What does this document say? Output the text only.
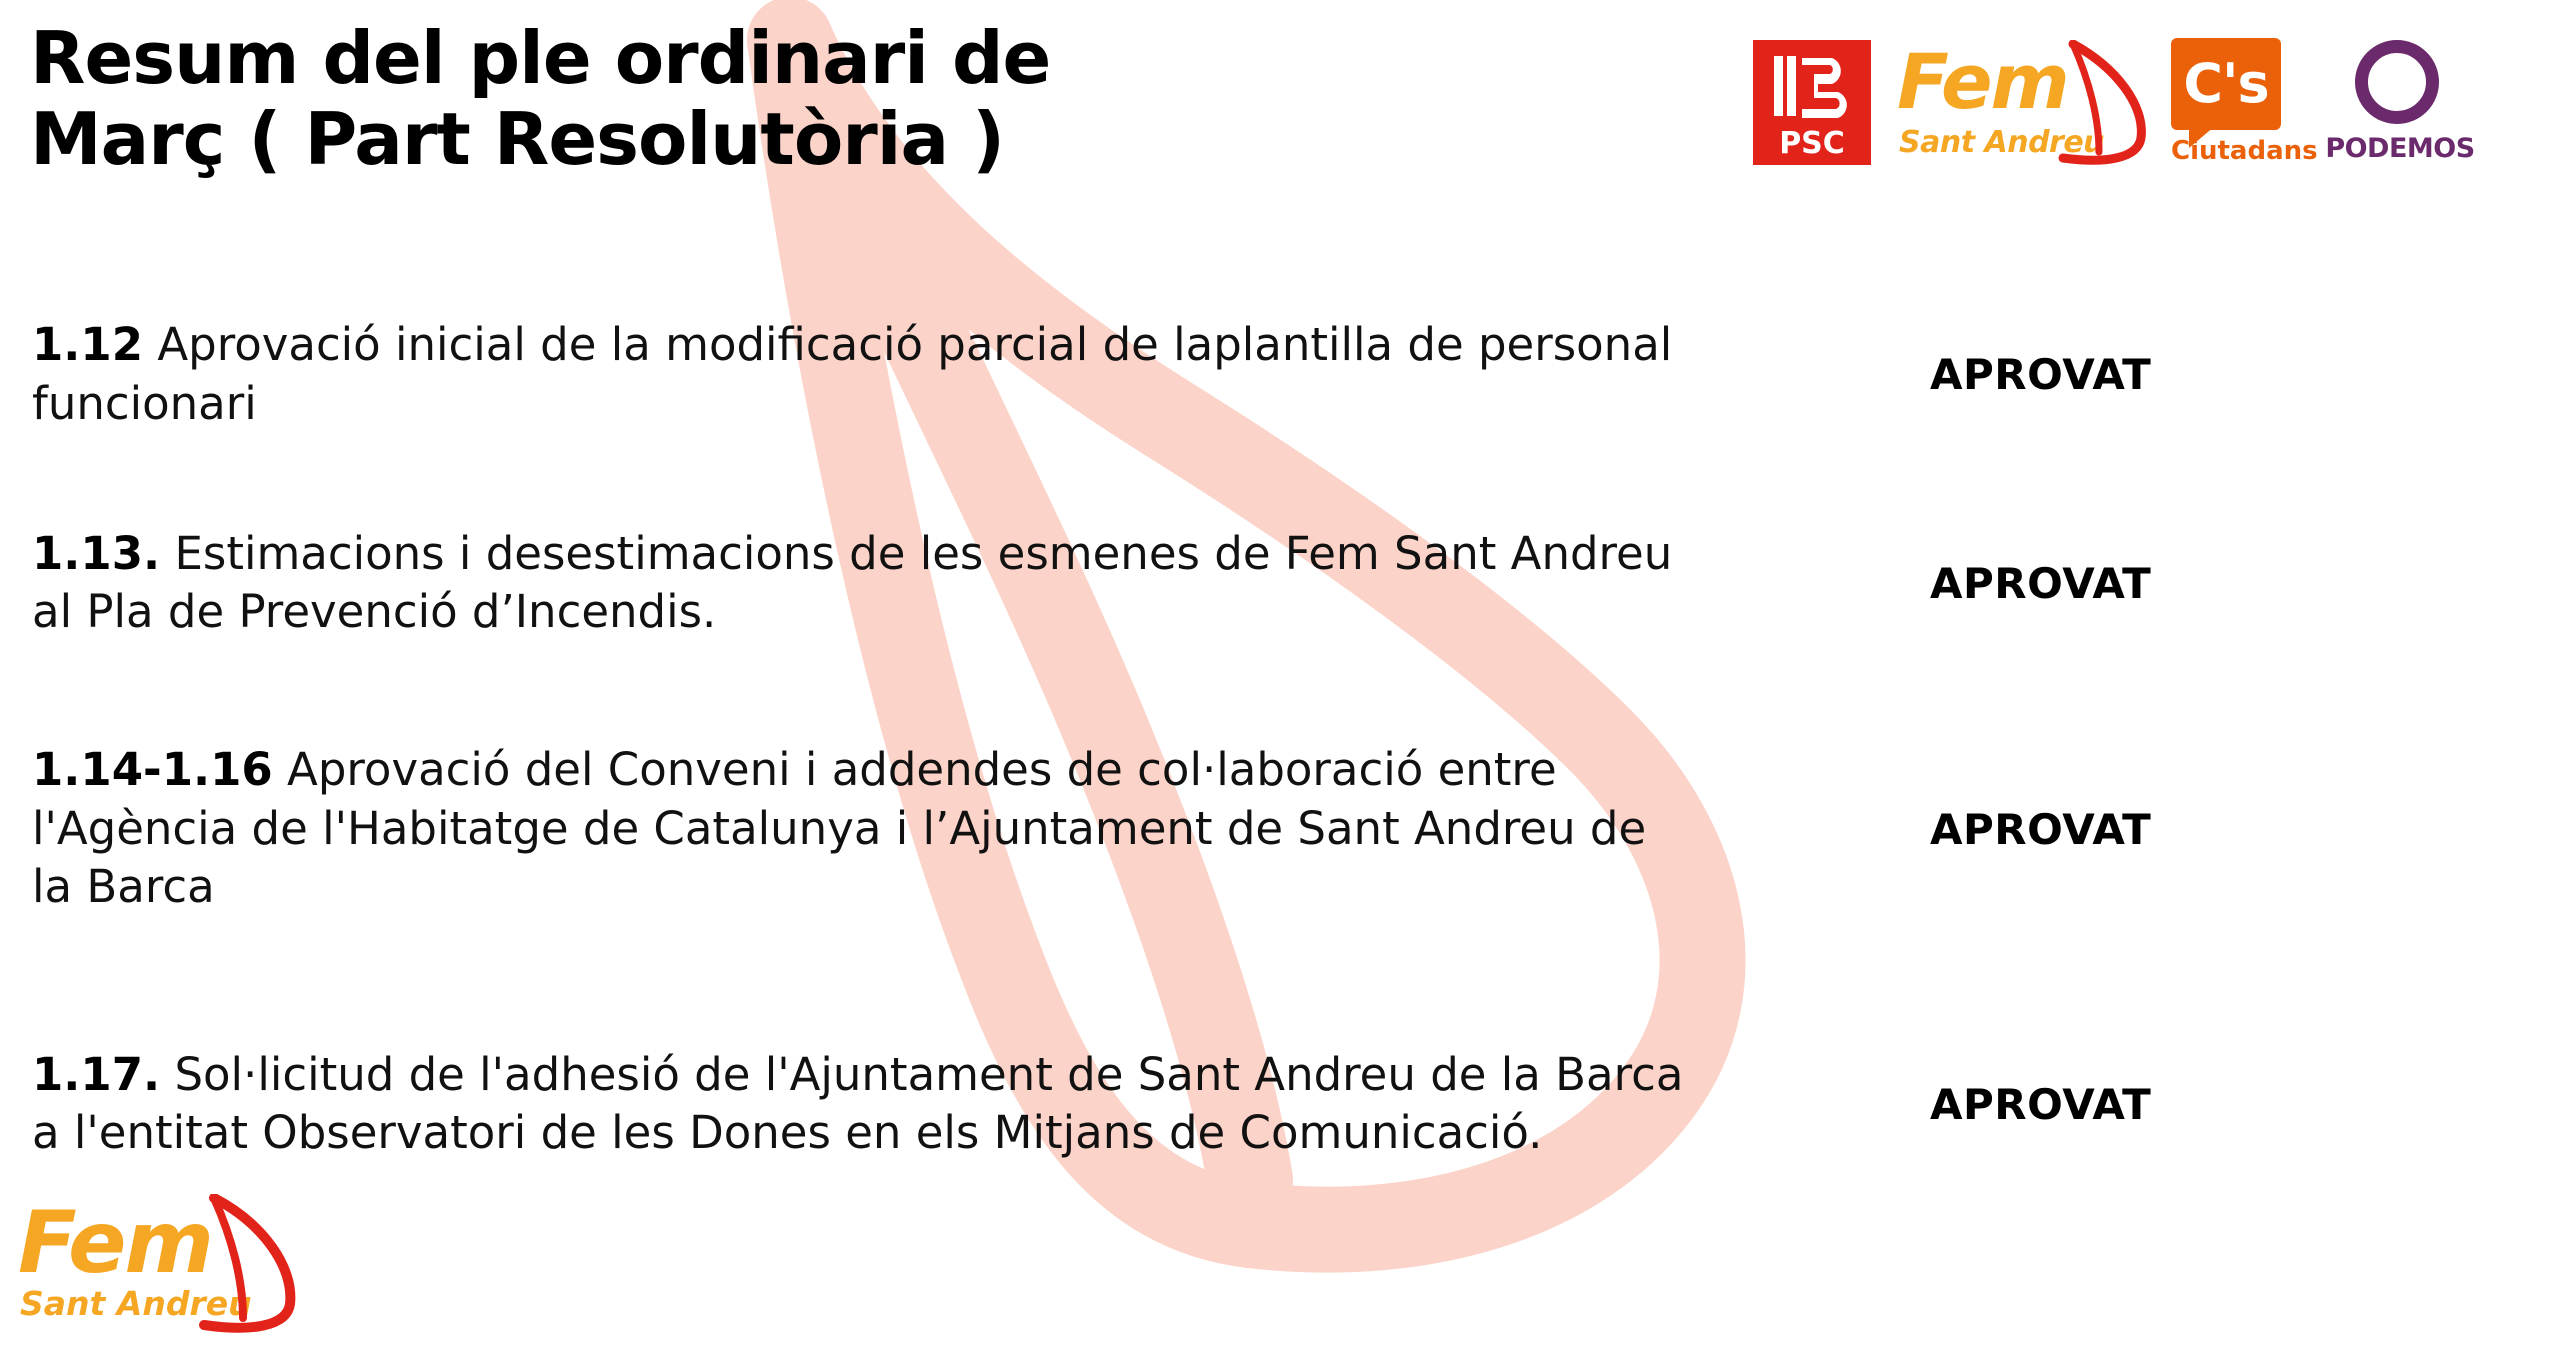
Resum del ple ordinari de
Març ( Part Resolutòria )	PSC
Fem
Sant Andreu
C's
Ciutadans PODEMOS
1.12 Aprovació inicial de la modificació parcial de laplantilla de personal funcionari
APROVAT
1.13. Estimacions i desestimacions de les esmenes de Fem Sant Andreu al Pla de Prevenció d’Incendis.
APROVAT
1.14-1.16 Aprovació del Conveni i addendes de col·laboració entre l'Agència de l'Habitatge de Catalunya i l’Ajuntament de Sant Andreu de la Barca
APROVAT
1.17. Sol·licitud de l'adhesió de l'Ajuntament de Sant Andreu de la Barca a l'entitat Observatori de les Dones en els Mitjans de Comunicació.
APROVAT
Fem
Sant Andreu
